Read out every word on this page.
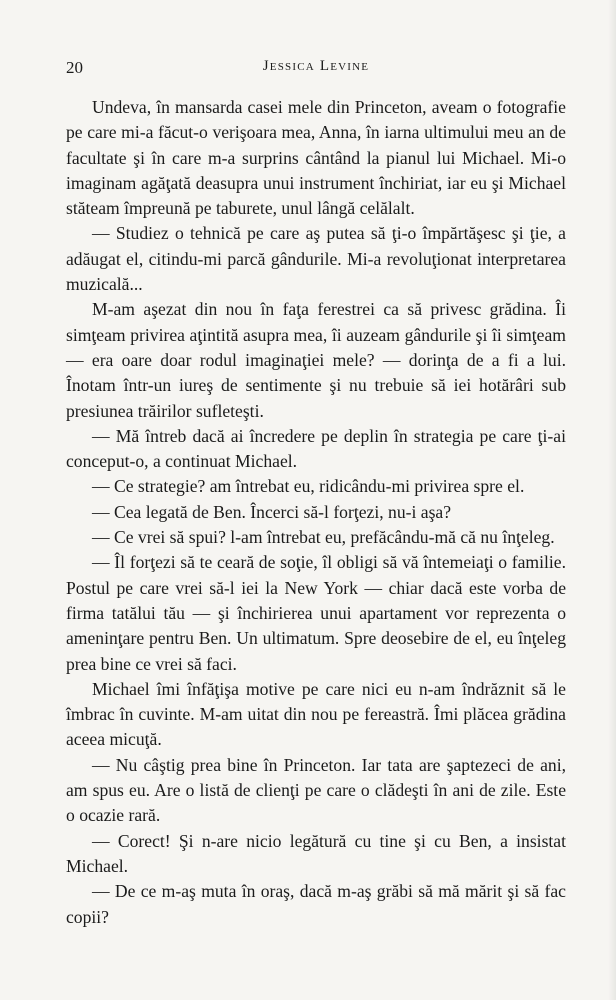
20	Jessica Levine

Undeva, în mansarda casei mele din Princeton, aveam o fotografie pe care mi-a făcut-o verişoara mea, Anna, în iarna ultimului meu an de facultate şi în care m-a surprins cântând la pianul lui Michael. Mi-o imaginam agăţată deasupra unui instrument închiriat, iar eu şi Michael stăteam împreună pe taburete, unul lângă celălalt.

— Studiez o tehnică pe care aş putea să ţi-o împărtăşesc şi ţie, a adăugat el, citindu-mi parcă gândurile. Mi-a revoluţionat interpretarea muzicală...

M-am aşezat din nou în faţa ferestrei ca să privesc grădina. Îi simţeam privirea aţintită asupra mea, îi auzeam gândurile şi îi simţeam — era oare doar rodul imaginaţiei mele? — dorinţa de a fi a lui. Înotam într-un iureş de sentimente şi nu trebuie să iei hotărâri sub presiunea trăirilor sufleteşti.

— Mă întreb dacă ai încredere pe deplin în strategia pe care ţi-ai conceput-o, a continuat Michael.

— Ce strategie? am întrebat eu, ridicându-mi privirea spre el.

— Cea legată de Ben. Încerci să-l forţezi, nu-i aşa?

— Ce vrei să spui? l-am întrebat eu, prefăcându-mă că nu înţeleg.

— Îl forţezi să te ceară de soţie, îl obligi să vă întemeiaţi o familie. Postul pe care vrei să-l iei la New York — chiar dacă este vorba de firma tatălui tău — şi închirierea unui apartament vor reprezenta o ameninţare pentru Ben. Un ultimatum. Spre deosebire de el, eu înţeleg prea bine ce vrei să faci.

Michael îmi înfăţişa motive pe care nici eu n-am îndrăznit să le îmbrac în cuvinte. M-am uitat din nou pe fereastră. Îmi plăcea grădina aceea micuţă.

— Nu câştig prea bine în Princeton. Iar tata are şaptezeci de ani, am spus eu. Are o listă de clienţi pe care o clădeşti în ani de zile. Este o ocazie rară.

— Corect! Şi n-are nicio legătură cu tine şi cu Ben, a insistat Michael.

— De ce m-aş muta în oraş, dacă m-aş grăbi să mă mărit şi să fac copii?
